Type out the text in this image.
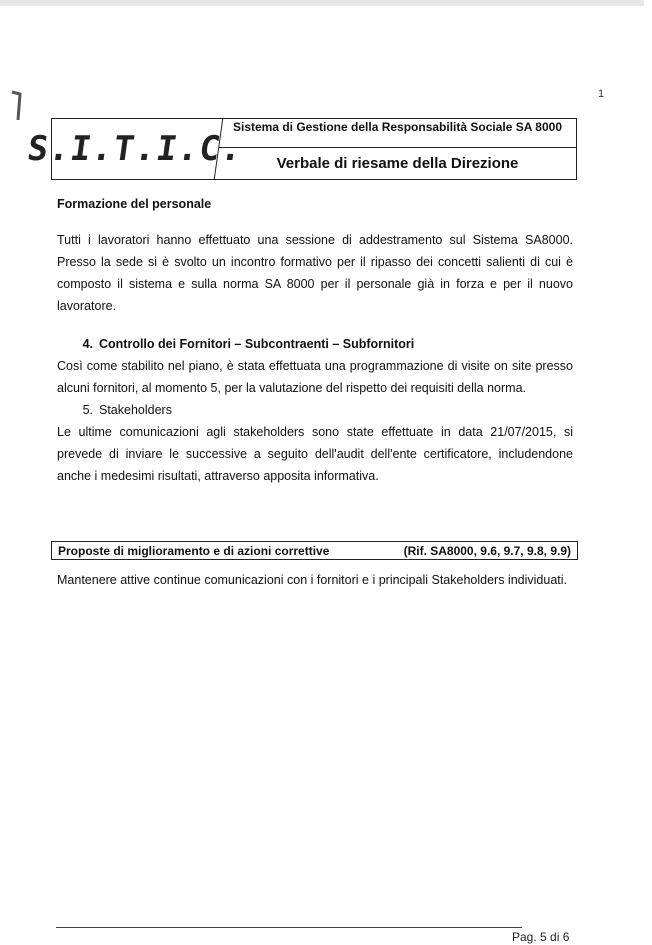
1
S.I.T.I.C.
Sistema di Gestione della Responsabilità Sociale SA 8000
Verbale di riesame della Direzione

Formazione del personale

Tutti i lavoratori hanno effettuato una sessione di addestramento sul Sistema SA8000. Presso la sede si è svolto un incontro formativo per il ripasso dei concetti salienti di cui è composto il sistema e sulla norma SA 8000 per il personale già in forza e per il nuovo lavoratore.

4. Controllo dei Fornitori – Subcontraenti – Subfornitori

Così come stabilito nel piano, è stata effettuata una programmazione di visite on site presso alcuni fornitori, al momento 5, per la valutazione del rispetto dei requisiti della norma.

5. Stakeholders

Le ultime comunicazioni agli stakeholders sono state effettuate in data 21/07/2015, si prevede di inviare le successive a seguito dell'audit dell'ente certificatore, includendone anche i medesimi risultati, attraverso apposita informativa.

Proposte di miglioramento e di azioni correttive	(Rif. SA8000, 9.6, 9.7, 9.8, 9.9)

Mantenere attive continue comunicazioni con i fornitori e i principali Stakeholders individuati.

Pag. 5 di 6
